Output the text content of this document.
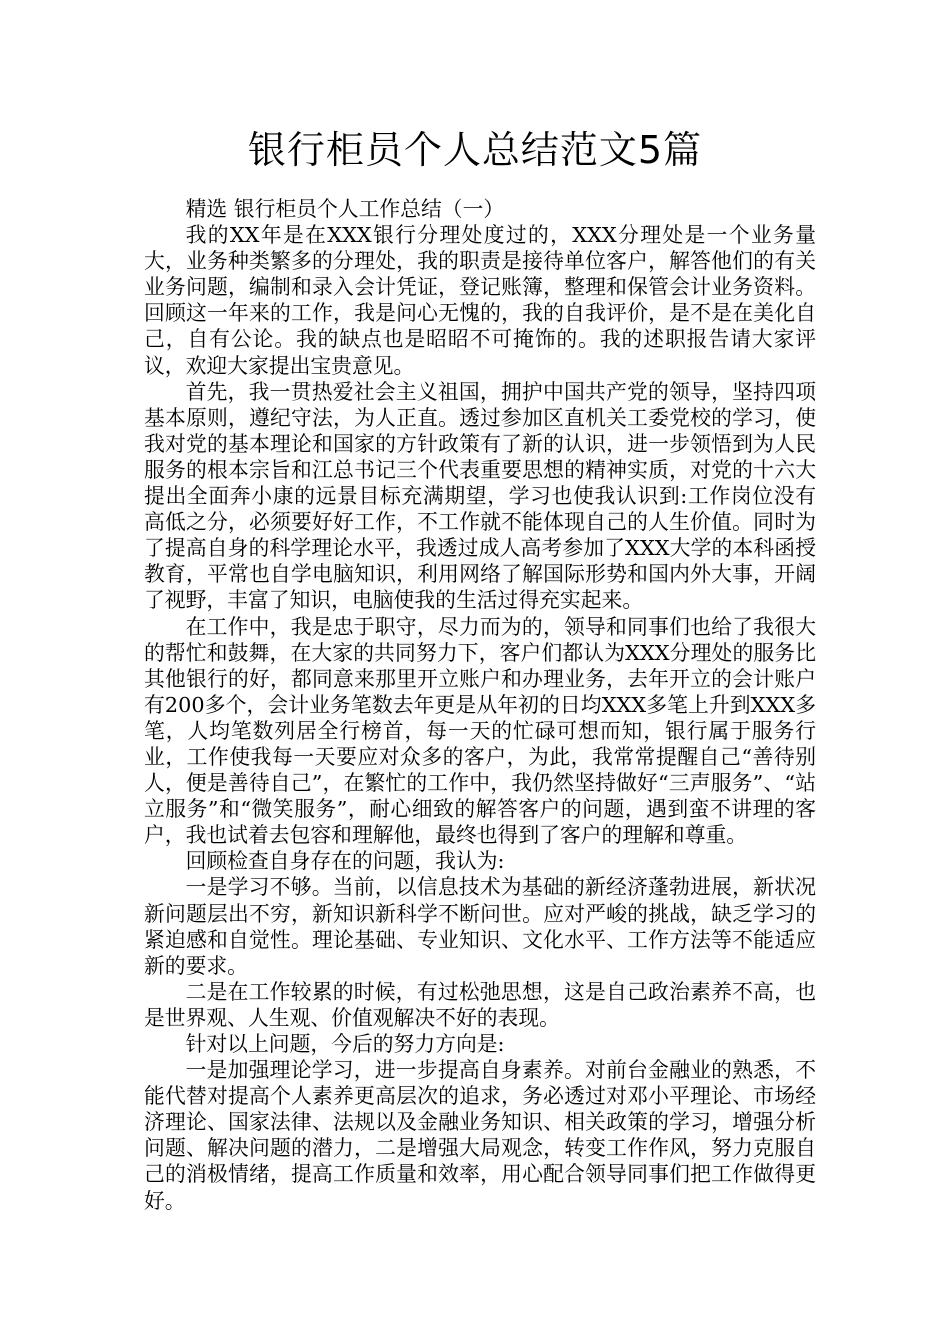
银行柜员个人总结范文5篇

精选 银行柜员个人工作总结（一）

我的XX年是在XXX银行分理处度过的，XXX分理处是一个业务量大，业务种类繁多的分理处，我的职责是接待单位客户，解答他们的有关业务问题，编制和录入会计凭证，登记账簿，整理和保管会计业务资料。回顾这一年来的工作，我是问心无愧的，我的自我评价，是不是在美化自己，自有公论。我的缺点也是昭昭不可掩饰的。我的述职报告请大家评议，欢迎大家提出宝贵意见。

首先，我一贯热爱社会主义祖国，拥护中国共产党的领导，坚持四项基本原则，遵纪守法，为人正直。透过参加区直机关工委党校的学习，使我对党的基本理论和国家的方针政策有了新的认识，进一步领悟到为人民服务的根本宗旨和江总书记三个代表重要思想的精神实质，对党的十六大提出全面奔小康的远景目标充满期望，学习也使我认识到:工作岗位没有高低之分，必须要好好工作，不工作就不能体现自己的人生价值。同时为了提高自身的科学理论水平，我透过成人高考参加了XXX大学的本科函授教育，平常也自学电脑知识，利用网络了解国际形势和国内外大事，开阔了视野，丰富了知识，电脑使我的生活过得充实起来。

在工作中，我是忠于职守，尽力而为的，领导和同事们也给了我很大的帮忙和鼓舞，在大家的共同努力下，客户们都认为XXX分理处的服务比其他银行的好，都同意来那里开立账户和办理业务，去年开立的会计账户有200多个，会计业务笔数去年更是从年初的日均XXX多笔上升到XXX多笔，人均笔数列居全行榜首，每一天的忙碌可想而知，银行属于服务行业，工作使我每一天要应对众多的客户，为此，我常常提醒自己“善待别人，便是善待自己”，在繁忙的工作中，我仍然坚持做好“三声服务”、“站立服务”和“微笑服务”，耐心细致的解答客户的问题，遇到蛮不讲理的客户，我也试着去包容和理解他，最终也得到了客户的理解和尊重。

回顾检查自身存在的问题，我认为:

一是学习不够。当前，以信息技术为基础的新经济蓬勃进展，新状况新问题层出不穷，新知识新科学不断问世。应对严峻的挑战，缺乏学习的紧迫感和自觉性。理论基础、专业知识、文化水平、工作方法等不能适应新的要求。

二是在工作较累的时候，有过松弛思想，这是自己政治素养不高，也是世界观、人生观、价值观解决不好的表现。

针对以上问题，今后的努力方向是:

一是加强理论学习，进一步提高自身素养。对前台金融业的熟悉，不能代替对提高个人素养更高层次的追求，务必透过对邓小平理论、市场经济理论、国家法律、法规以及金融业务知识、相关政策的学习，增强分析问题、解决问题的潜力，二是增强大局观念，转变工作作风，努力克服自己的消极情绪，提高工作质量和效率，用心配合领导同事们把工作做得更好。
